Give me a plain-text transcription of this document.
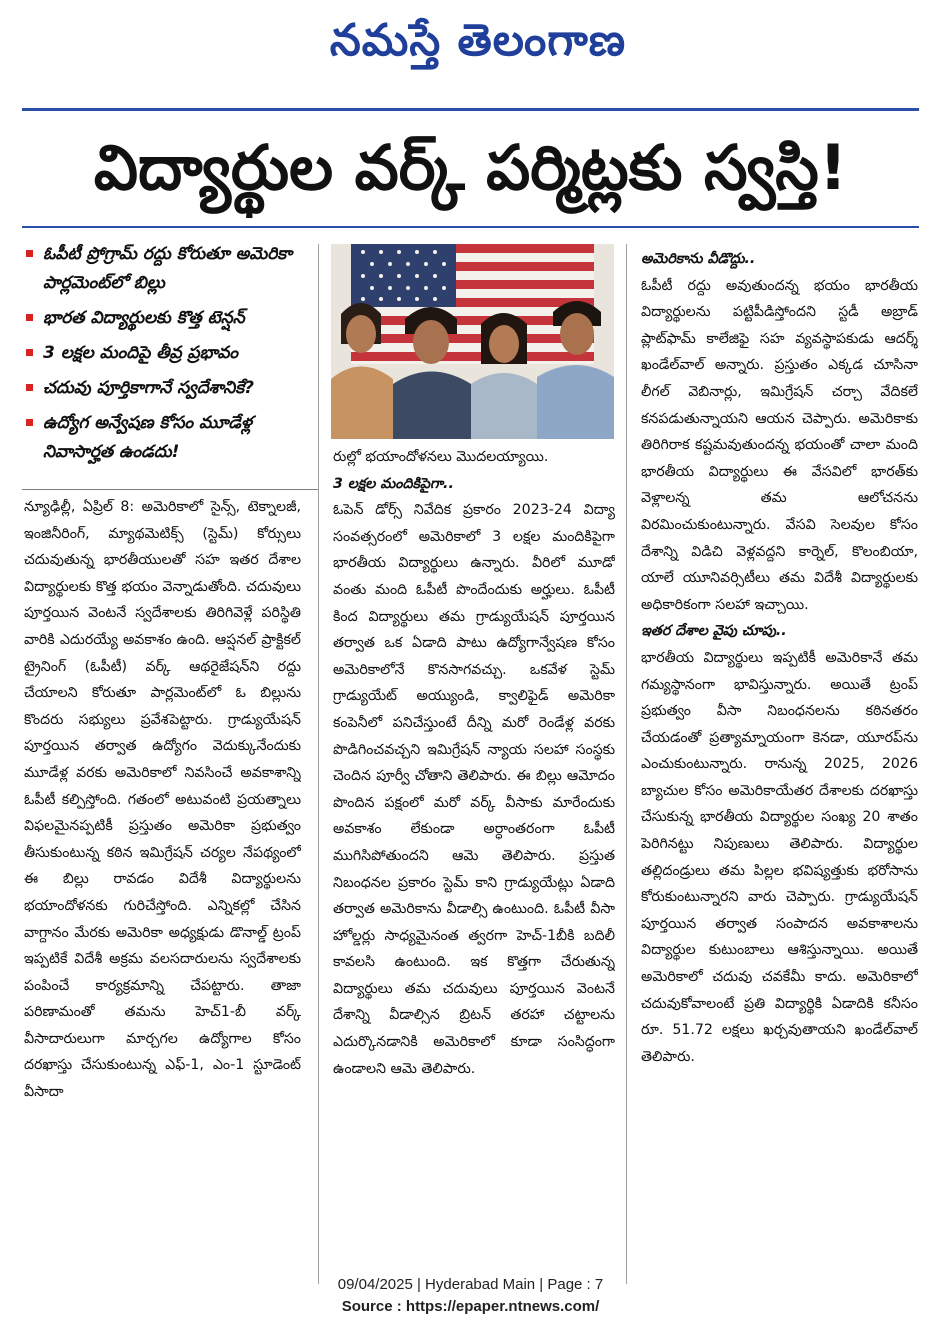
నమస్తే తెలంగాణ
విద్యార్థుల వర్క్ పర్మిట్లకు స్వస్తి!
ఓపీటీ ప్రోగ్రామ్ రద్దు కోరుతూ అమెరికా పార్లమెంట్‌లో బిల్లు
భారత విద్యార్థులకు కొత్త టెన్షన్
3 లక్షల మందిపై తీవ్ర ప్రభావం
చదువు పూర్తికాగానే స్వదేశానికే?
ఉద్యోగ అన్వేషణ కోసం మూడేళ్ల నివాసార్హత ఉండదు!
న్యూఢిల్లీ, ఏప్రిల్ 8: అమెరికాలో సైన్స్, టెక్నాలజీ, ఇంజినీరింగ్, మ్యాథమెటిక్స్ (స్టెమ్) కోర్సులు చదువుతున్న భారతీయులతో సహ ఇతర దేశాల విద్యార్థులకు కొత్త భయం వెన్నాడుతోంది. చదువులు పూర్తయిన వెంటనే స్వదేశాలకు తిరిగివెళ్లే పరిస్థితి వారికి ఎదురయ్యే అవకాశం ఉంది. ఆప్షనల్ ప్రాక్టికల్ ట్రైనింగ్ (ఓపీటీ) వర్క్ ఆథరైజేషన్‌ని రద్దు చేయాలని కోరుతూ పార్లమెంట్‌లో ఓ బిల్లును కొందరు సభ్యులు ప్రవేశపెట్టారు. గ్రాడ్యుయేషన్ పూర్తయిన తర్వాత ఉద్యోగం వెదుక్కునేందుకు మూడేళ్ల వరకు అమెరికాలో నివసించే అవకాశాన్ని ఓపీటీ కల్పిస్తోంది. గతంలో అటువంటి ప్రయత్నాలు విఫలమైనప్పటికీ ప్రస్తుతం అమెరికా ప్రభుత్వం తీసుకుంటున్న కఠిన ఇమిగ్రేషన్ చర్యల నేపథ్యంలో ఈ బిల్లు రావడం విదేశీ విద్యార్థులను భయాందోళనకు గురిచేస్తోంది. ఎన్నికల్లో చేసిన వాగ్దానం మేరకు అమెరికా అధ్యక్షుడు డొనాల్డ్ ట్రంప్ ఇప్పటికే విదేశీ అక్రమ వలసదారులను స్వదేశాలకు పంపించే కార్యక్రమాన్ని చేపట్టారు. తాజా పరిణామంతో తమను హెచ్1-బీ వర్క్ వీసాదారులుగా మార్చగల ఉద్యోగాల కోసం దరఖాస్తు చేసుకుంటున్న ఎఫ్-1, ఎం-1 స్టూడెంట్ వీసాదా
రుల్లో భయాందోళనలు మొదలయ్యాయి.
3 లక్షల మందికిపైగా..
ఓపెన్ డోర్స్ నివేదిక ప్రకారం 2023-24 విద్యా సంవత్సరంలో అమెరికాలో 3 లక్షల మందికిపైగా భారతీయ విద్యార్థులు ఉన్నారు. వీరిలో మూడో వంతు మంది ఓపీటీ పొందేందుకు అర్హులు. ఓపీటీ కింద విద్యార్థులు తమ గ్రాడ్యుయేషన్ పూర్తయిన తర్వాత ఒక ఏడాది పాటు ఉద్యోగాన్వేషణ కోసం అమెరికాలోనే కొనసాగవచ్చు. ఒకవేళ స్టెమ్ గ్రాడ్యుయేట్ అయ్యుండి, క్వాలిఫైడ్ అమెరికా కంపెనీలో పనిచేస్తుంటే దీన్ని మరో రెండేళ్ల వరకు పొడిగించవచ్చని ఇమిగ్రేషన్ న్యాయ సలహా సంస్థకు చెందిన పూర్వీ చోతాని తెలిపారు. ఈ బిల్లు ఆమోదం పొందిన పక్షంలో మరో వర్క్ వీసాకు మారేందుకు అవకాశం లేకుండా అర్ధాంతరంగా ఓపీటీ ముగిసిపోతుందని ఆమె తెలిపారు. ప్రస్తుత నిబంధనల ప్రకారం స్టెమ్ కాని గ్రాడ్యుయేట్లు ఏడాది తర్వాత అమెరికాను వీడాల్సి ఉంటుంది. ఓపీటీ వీసా హోల్డర్లు సాధ్యమైనంత త్వరగా హెచ్-1బీకి బదిలీ కావలసి ఉంటుంది. ఇక కొత్తగా చేరుతున్న విద్యార్థులు తమ చదువులు పూర్తయిన వెంటనే దేశాన్ని వీడాల్సిన బ్రిటన్ తరహా చట్టాలను ఎదుర్కొనడానికి అమెరికాలో కూడా సంసిద్ధంగా ఉండాలని ఆమె తెలిపారు.
అమెరికాను వీడొద్దు..
ఓపీటీ రద్దు అవుతుందన్న భయం భారతీయ విద్యార్థులను పట్టిపీడిస్తోందని స్టడీ అబ్రాడ్ ప్లాట్‌ఫామ్ కాలేజిఫై సహ వ్యవస్థాపకుడు ఆదర్శ్ ఖండేల్‌వాల్ అన్నారు. ప్రస్తుతం ఎక్కడ చూసినా లీగల్ వెబినార్లు, ఇమిగ్రేషన్ చర్చా వేదికలే కనపడుతున్నాయని ఆయన చెప్పారు. అమెరికాకు తిరిగిరాక కష్టమవుతుందన్న భయంతో చాలా మంది భారతీయ విద్యార్థులు ఈ వేసవిలో భారత్‌కు వెళ్లాలన్న తమ ఆలోచనను విరమించుకుంటున్నారు. వేసవి సెలవుల కోసం దేశాన్ని విడిచి వెళ్లవద్దని కార్నెల్, కొలంబియా, యాలే యూనివర్సిటీలు తమ విదేశీ విద్యార్థులకు అధికారికంగా సలహా ఇచ్చాయి.
ఇతర దేశాల వైపు చూపు..
భారతీయ విద్యార్థులు ఇప్పటికీ అమెరికానే తమ గమ్యస్థానంగా భావిస్తున్నారు. అయితే ట్రంప్ ప్రభుత్వం వీసా నిబంధనలను కఠినతరం చేయడంతో ప్రత్యామ్నాయంగా కెనడా, యూరప్‌ను ఎంచుకుంటున్నారు. రానున్న 2025, 2026 బ్యాచుల కోసం అమెరికాయేతర దేశాలకు దరఖాస్తు చేసుకున్న భారతీయ విద్యార్థుల సంఖ్య 20 శాతం పెరిగినట్టు నిపుణులు తెలిపారు. విద్యార్థుల తల్లిదండ్రులు తమ పిల్లల భవిష్యత్తుకు భరోసాను కోరుకుంటున్నారని వారు చెప్పారు. గ్రాడ్యుయేషన్ పూర్తయిన తర్వాత సంపాదన అవకాశాలను విద్యార్థుల కుటుంబాలు ఆశిస్తున్నాయి. అయితే అమెరికాలో చదువు చవకేమీ కాదు. అమెరికాలో చదువుకోవాలంటే ప్రతి విద్యార్థికి ఏడాదికి కనీసం రూ. 51.72 లక్షలు ఖర్చవుతాయని ఖండేల్‌వాల్ తెలిపారు.
09/04/2025 | Hyderabad Main | Page : 7
Source : https://epaper.ntnews.com/
